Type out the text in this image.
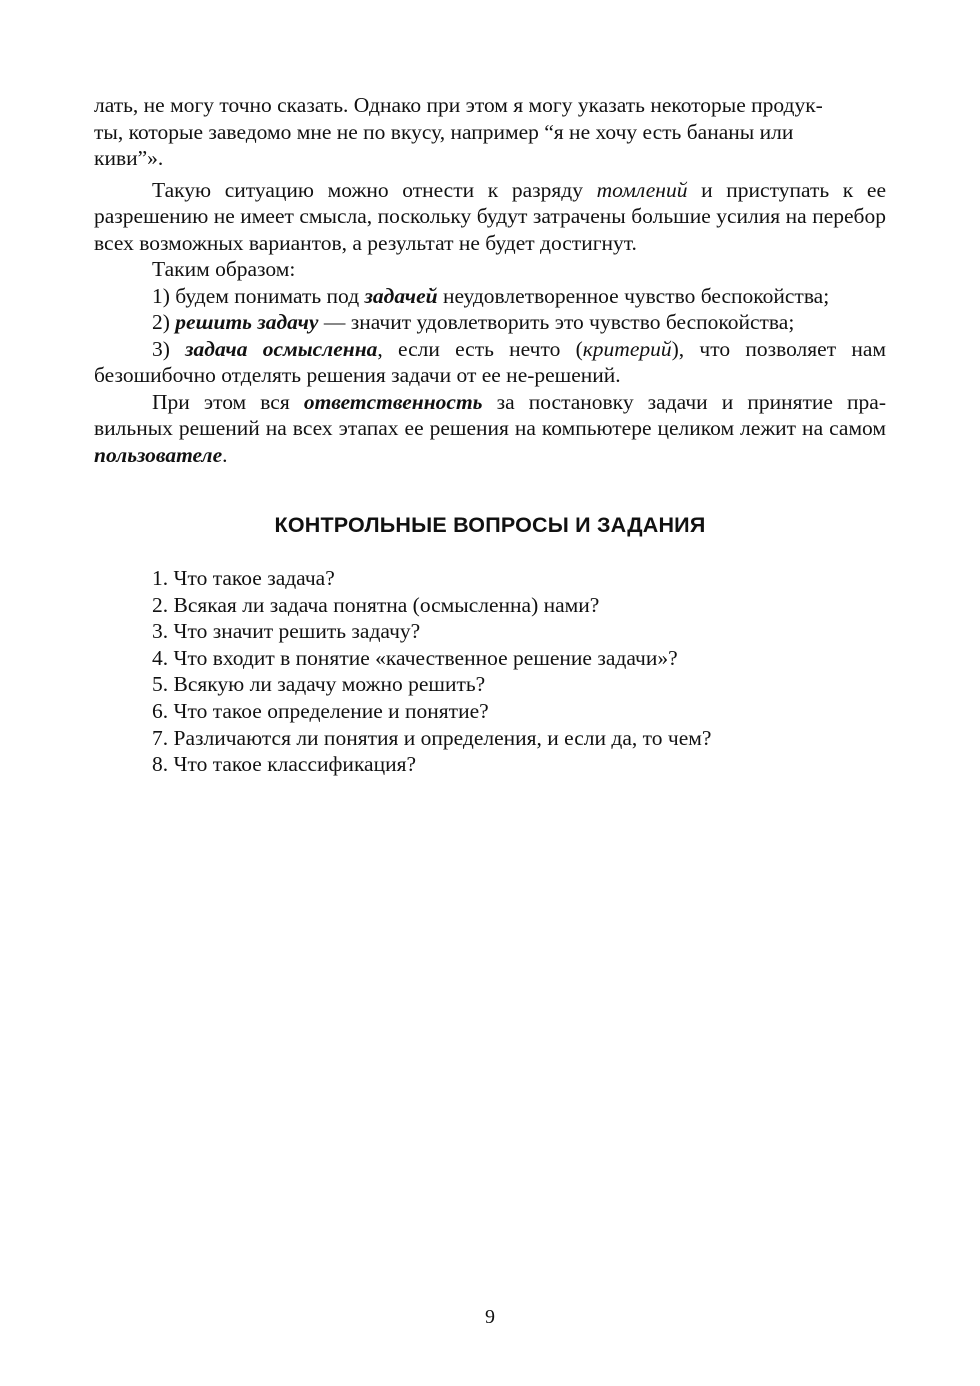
лать, не могу точно сказать. Однако при этом я могу указать некоторые продук-
ты, которые заведомо мне не по вкусу, например “я не хочу есть бананы или
киви”».

Такую ситуацию можно отнести к разряду томлений и приступать к ее разрешению не имеет смысла, поскольку будут затрачены большие усилия на перебор всех возможных вариантов, а результат не будет достигнут.

Таким образом:

1) будем понимать под задачей неудовлетворенное чувство беспокойства;

2) решить задачу — значит удовлетворить это чувство беспокойства;

3) задача осмысленна, если есть нечто (критерий), что позволяет нам безошибочно отделять решения задачи от ее не-решений.

При этом вся ответственность за постановку задачи и принятие пра-вильных решений на всех этапах ее решения на компьютере целиком лежит на самом пользователе.

КОНТРОЛЬНЫЕ ВОПРОСЫ И ЗАДАНИЯ
1. Что такое задача?
2. Всякая ли задача понятна (осмысленна) нами?
3. Что значит решить задачу?
4. Что входит в понятие «качественное решение задачи»?
5. Всякую ли задачу можно решить?
6. Что такое определение и понятие?
7. Различаются ли понятия и определения, и если да, то чем?
8. Что такое классификация?
9
